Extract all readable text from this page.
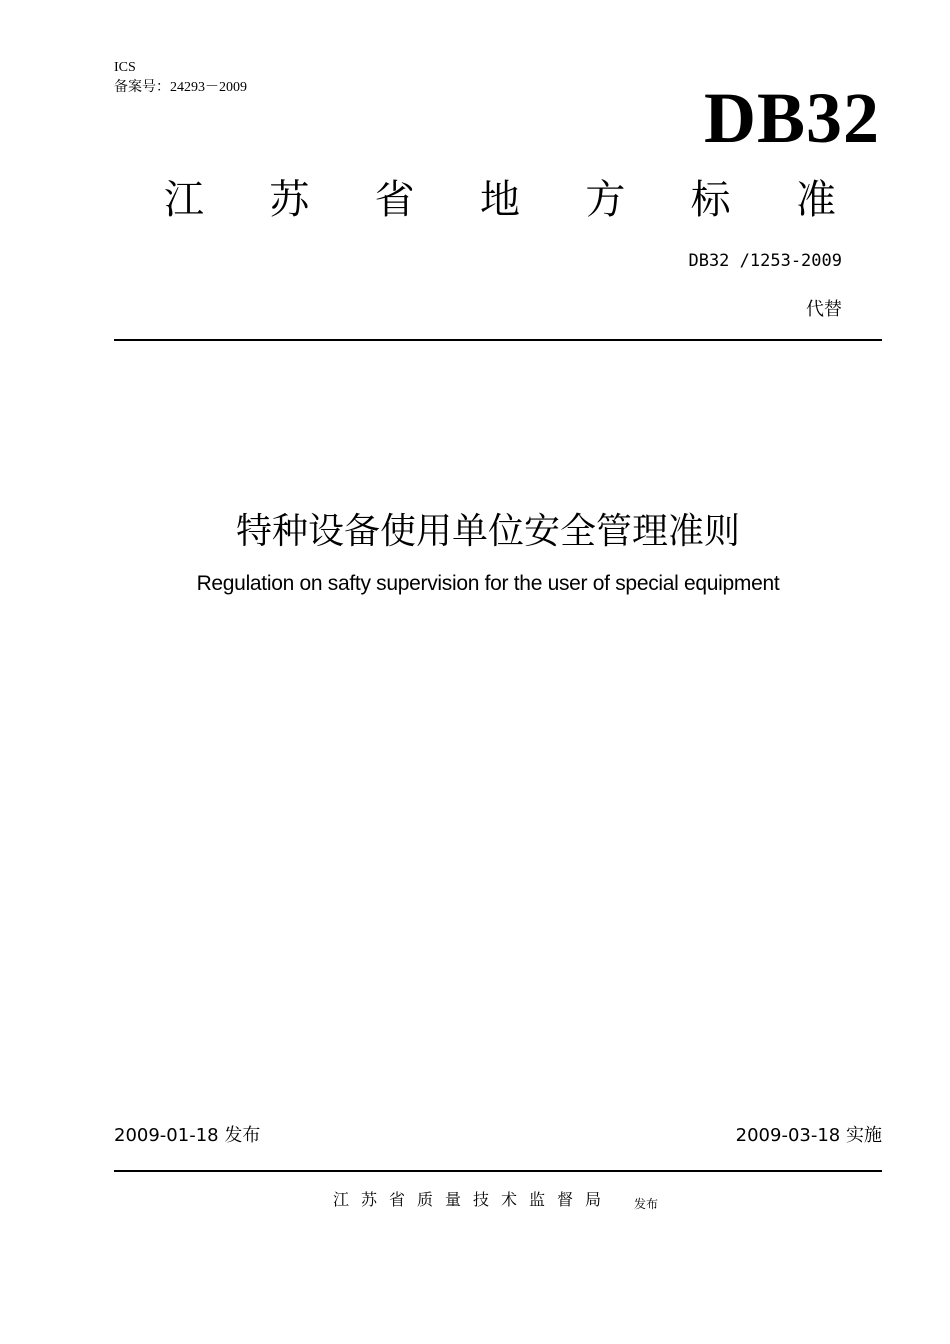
ICS
备案号：24293－2009	DB32
江 苏 省 地 方 标 准
DB32 /1253-2009
代替
特种设备使用单位安全管理准则
Regulation on safty supervision for the user of special equipment
2009-01-18 发布	2009-03-18 实施
江苏省质量技术监督局 发布
